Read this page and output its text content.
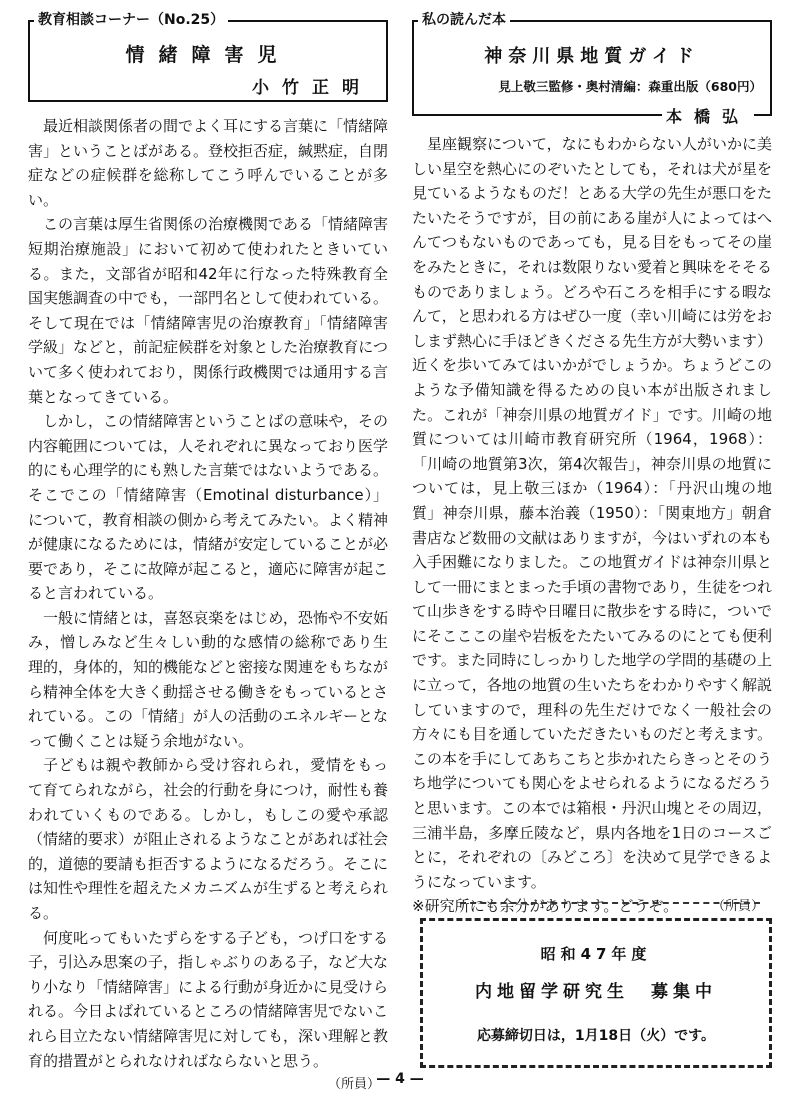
教育相談コーナー（No.25）
情緒障害児
小竹正明

最近相談関係者の間でよく耳にする言葉に「情緒障害」ということばがある。登校拒否症，緘黙症，自閉症などの症候群を総称してこう呼んでいることが多い。

この言葉は厚生省関係の治療機関である「情緒障害短期治療施設」において初めて使われたときいている。また，文部省が昭和42年に行なった特殊教育全国実態調査の中でも，一部門名として使われている。そして現在では「情緒障害児の治療教育」「情緒障害学級」などと，前記症候群を対象とした治療教育について多く使われており，関係行政機関では通用する言葉となってきている。

しかし，この情緒障害ということばの意味や，その内容範囲については，人それぞれに異なっており医学的にも心理学的にも熟した言葉ではないようである。そこでこの「情緒障害（Emotinal disturbance）」について，教育相談の側から考えてみたい。よく精神が健康になるためには，情緒が安定していることが必要であり，そこに故障が起こると，適応に障害が起こると言われている。

一般に情緒とは，喜怒哀楽をはじめ，恐怖や不安妬み，憎しみなど生々しい動的な感情の総称であり生理的，身体的，知的機能などと密接な関連をもちながら精神全体を大きく動揺させる働きをもっているとされている。この「情緒」が人の活動のエネルギーとなって働くことは疑う余地がない。

子どもは親や教師から受け容れられ，愛情をもって育てられながら，社会的行動を身につけ，耐性も養われていくものである。しかし，もしこの愛や承認（情緒的要求）が阻止されるようなことがあれば社会的，道徳的要請も拒否するようになるだろう。そこには知性や理性を超えたメカニズムが生ずると考えられる。

何度叱ってもいたずらをする子ども，つげ口をする子，引込み思案の子，指しゃぶりのある子，など大なり小なり「情緒障害」による行動が身近かに見受けられる。今日よばれているところの情緒障害児でないこれら目立たない情緒障害児に対しても，深い理解と教育的措置がとられなければならないと思う。

（所員）
私の読んだ本
神奈川県地質ガイド
見上敬三監修・奥村清編：森重出版（680円）
本橋弘

星座観察について，なにもわからない人がいかに美しい星空を熱心にのぞいたとしても，それは犬が星を見ているようなものだ！とある大学の先生が悪口をたたいたそうですが，目の前にある崖が人によってはへんてつもないものであっても，見る目をもってその崖をみたときに，それは数限りない愛着と興味をそそるものでありましょう。どろや石ころを相手にする暇なんて，と思われる方はぜひ一度（幸い川崎には労をおしまず熱心に手ほどきくださる先生方が大勢います）近くを歩いてみてはいかがでしょうか。ちょうどこのような予備知識を得るための良い本が出版されました。これが「神奈川県の地質ガイド」です。川崎の地質については川崎市教育研究所（1964，1968）：「川崎の地質第3次，第4次報告」，神奈川県の地質については，見上敬三ほか（1964）：「丹沢山塊の地質」神奈川県，藤本治義（1950）：「関東地方」朝倉書店など数冊の文献はありますが，今はいずれの本も入手困難になりました。この地質ガイドは神奈川県として一冊にまとまった手頃の書物であり，生徒をつれて山歩きをする時や日曜日に散歩をする時に，ついでにそこここの崖や岩板をたたいてみるのにとても便利です。また同時にしっかりした地学の学問的基礎の上に立って，各地の地質の生いたちをわかりやすく解説していますので，理科の先生だけでなく一般社会の方々にも目を通していただきたいものだと考えます。この本を手にしてあちこちと歩かれたらきっとそのうち地学についても関心をよせられるようになるだろうと思います。この本では箱根・丹沢山塊とその周辺，三浦半島，多摩丘陵など，県内各地を1日のコースごとに，それぞれの〔みどころ〕を決めて見学できるようになっています。

※研究所にも余分があります。どうぞ。	（所員）
昭和47年度
内地留学研究生　募集中
応募締切日は，1月18日（火）です。
— 4 —
